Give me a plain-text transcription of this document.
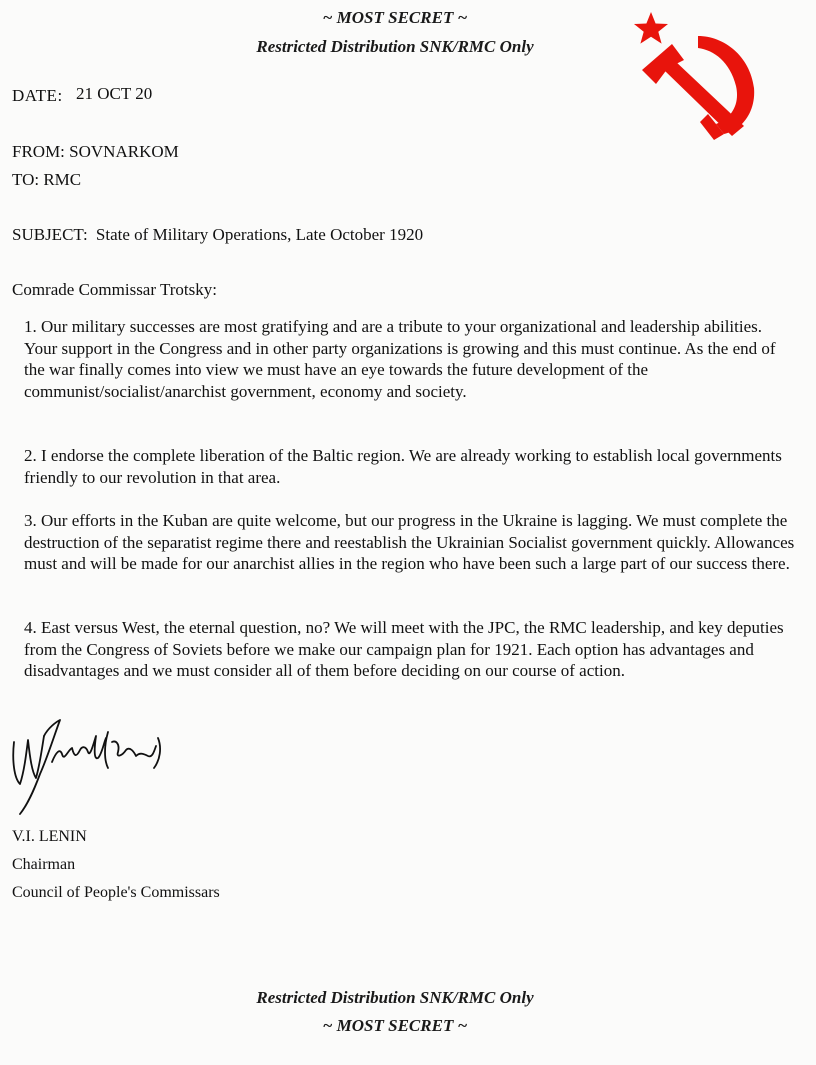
~ MOST SECRET ~
Restricted Distribution SNK/RMC Only
DATE: 21 OCT 20
FROM: SOVNARKOM
TO: RMC
SUBJECT: State of Military Operations, Late October 1920
Comrade Commissar Trotsky:
1. Our military successes are most gratifying and are a tribute to your organizational and leadership abilities. Your support in the Congress and in other party organizations is growing and this must continue. As the end of the war finally comes into view we must have an eye towards the future development of the communist/socialist/anarchist government, economy and society.
2. I endorse the complete liberation of the Baltic region. We are already working to establish local governments friendly to our revolution in that area.
3. Our efforts in the Kuban are quite welcome, but our progress in the Ukraine is lagging. We must complete the destruction of the separatist regime there and reestablish the Ukrainian Socialist government quickly. Allowances must and will be made for our anarchist allies in the region who have been such a large part of our success there.
4. East versus West, the eternal question, no? We will meet with the JPC, the RMC leadership, and key deputies from the Congress of Soviets before we make our campaign plan for 1921. Each option has advantages and disadvantages and we must consider all of them before deciding on our course of action.
V.I. LENIN
Chairman
Council of People's Commissars
Restricted Distribution SNK/RMC Only
~ MOST SECRET ~
